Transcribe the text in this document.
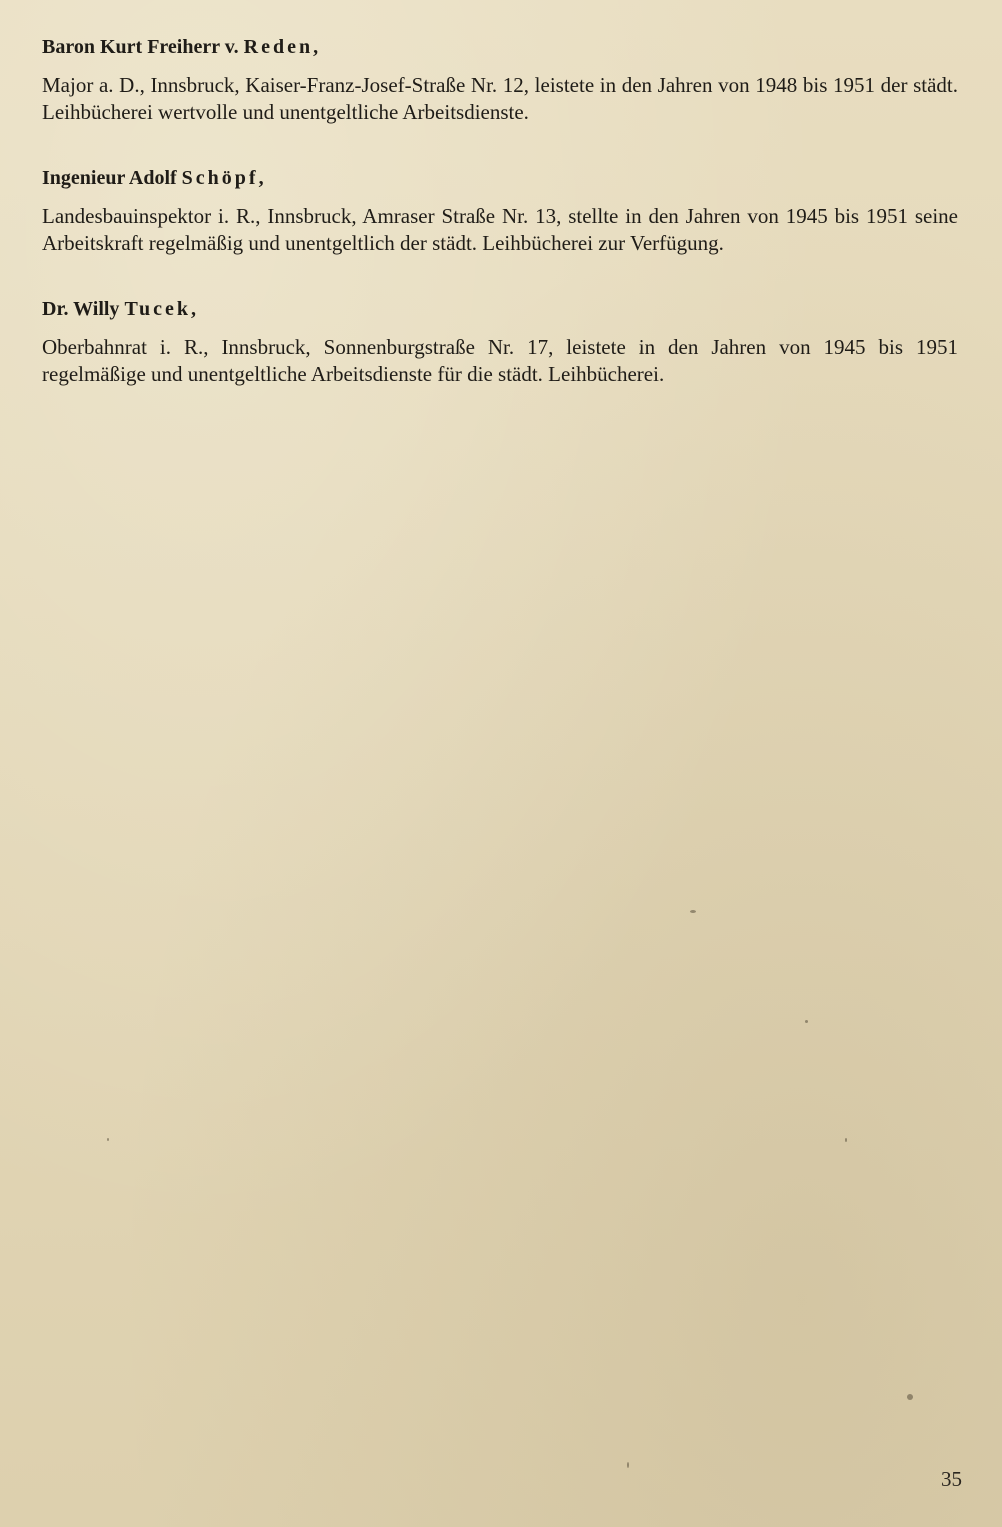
Baron Kurt Freiherr v. Reden,

Major a. D., Innsbruck, Kaiser-Franz-Josef-Straße Nr. 12, leistete in den Jahren von 1948 bis 1951 der städt. Leihbücherei wertvolle und unentgeltliche Arbeitsdienste.

Ingenieur Adolf Schöpf,

Landesbauinspektor i. R., Innsbruck, Amraser Straße Nr. 13, stellte in den Jahren von 1945 bis 1951 seine Arbeitskraft regelmäßig und unentgeltlich der städt. Leihbücherei zur Verfügung.

Dr. Willy Tucek,

Oberbahnrat i. R., Innsbruck, Sonnenburgstraße Nr. 17, leistete in den Jahren von 1945 bis 1951 regelmäßige und unentgeltliche Arbeitsdienste für die städt. Leihbücherei.

35
